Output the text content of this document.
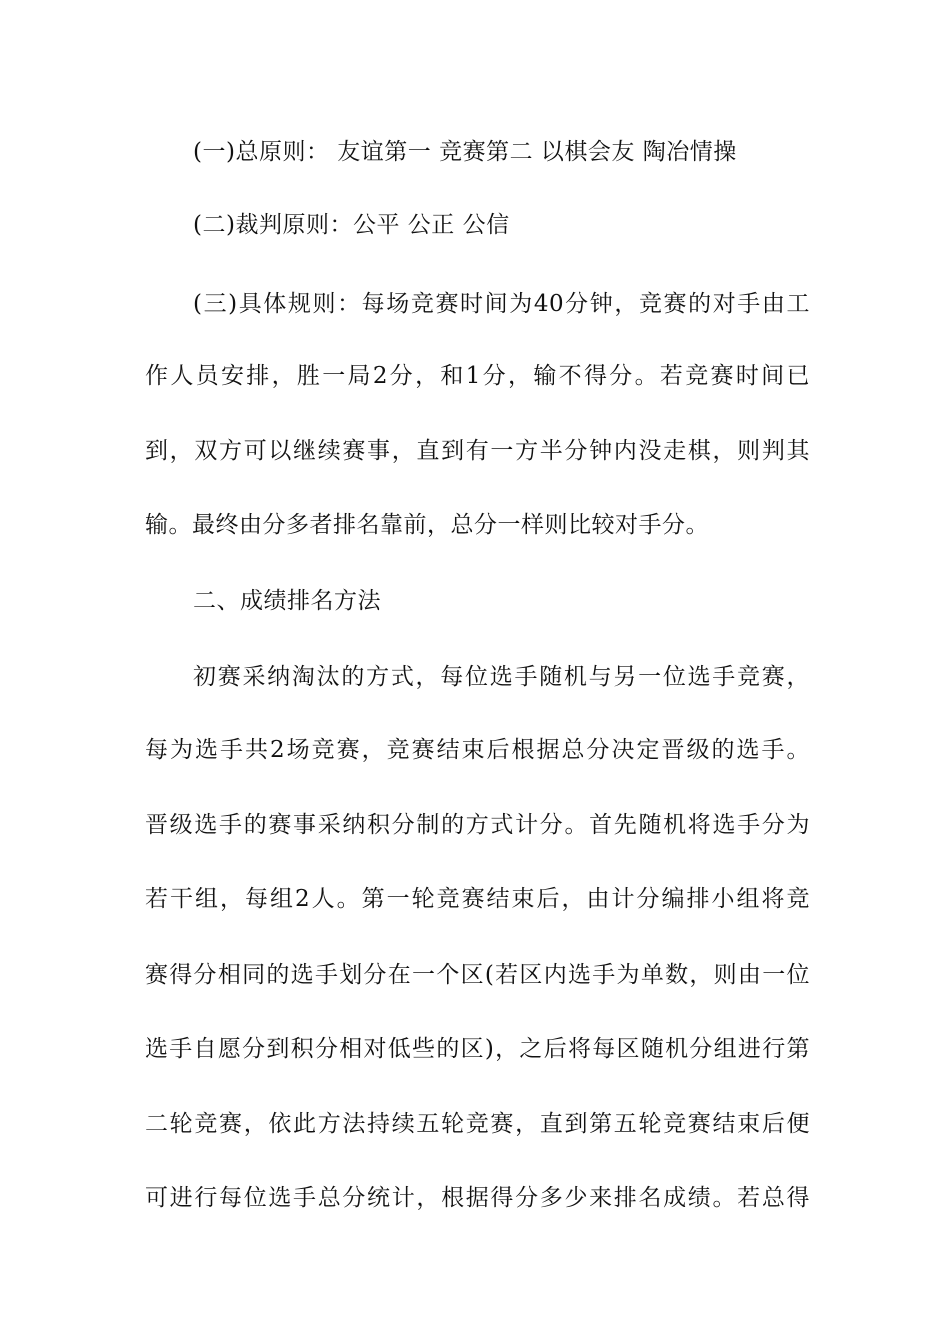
(一)总原则： 友谊第一 竞赛第二 以棋会友 陶冶情操
(二)裁判原则：公平 公正 公信
(三)具体规则：每场竞赛时间为40分钟，竞赛的对手由工
作人员安排，胜一局2分，和1分，输不得分。若竞赛时间已
到，双方可以继续赛事，直到有一方半分钟内没走棋，则判其
输。最终由分多者排名靠前，总分一样则比较对手分。
二、成绩排名方法
初赛采纳淘汰的方式，每位选手随机与另一位选手竞赛，
每为选手共2场竞赛，竞赛结束后根据总分决定晋级的选手。
晋级选手的赛事采纳积分制的方式计分。首先随机将选手分为
若干组，每组2人。第一轮竞赛结束后，由计分编排小组将竞
赛得分相同的选手划分在一个区(若区内选手为单数，则由一位
选手自愿分到积分相对低些的区)，之后将每区随机分组进行第
二轮竞赛，依此方法持续五轮竞赛，直到第五轮竞赛结束后便
可进行每位选手总分统计，根据得分多少来排名成绩。若总得
